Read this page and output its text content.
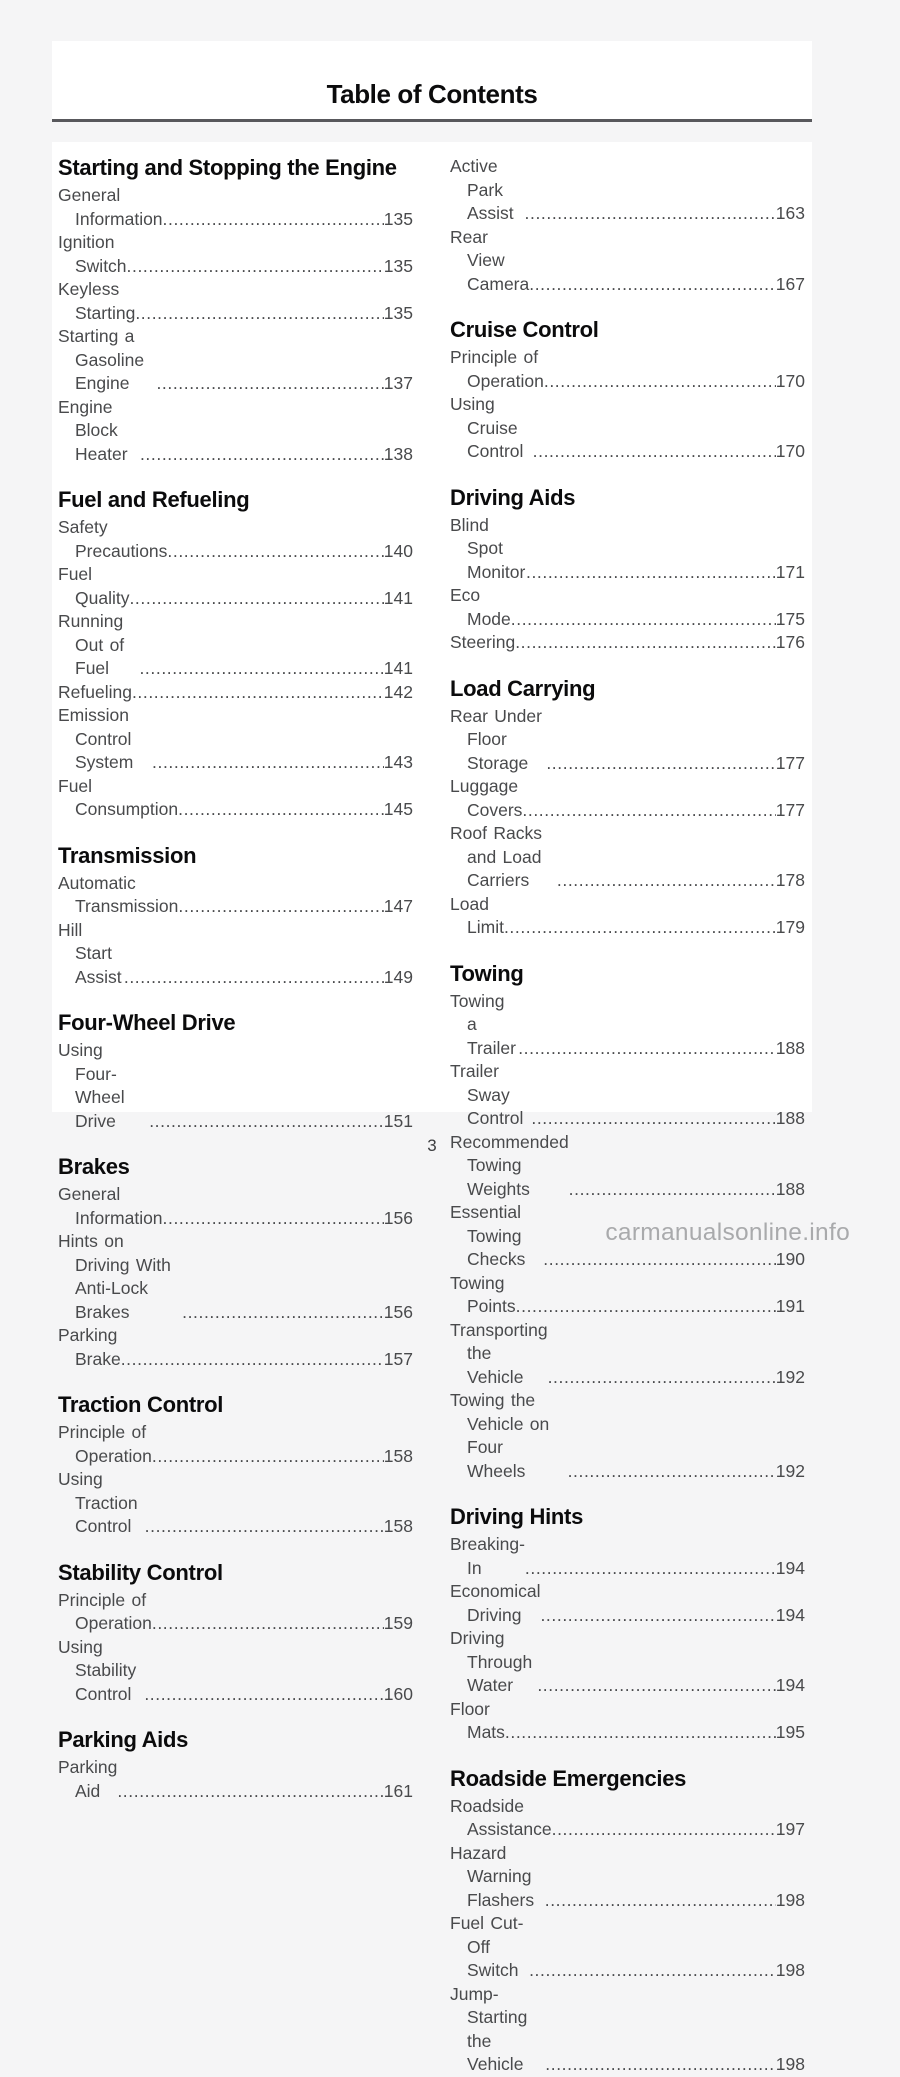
Table of Contents
Starting and Stopping the Engine
General Information .....	135
Ignition Switch .....	135
Keyless Starting .....	135
Starting a Gasoline Engine .....	137
Engine Block Heater .....	138
Fuel and Refueling
Safety Precautions .....	140
Fuel Quality .....	141
Running Out of Fuel .....	141
Refueling .....	142
Emission Control System .....	143
Fuel Consumption .....	145
Transmission
Automatic Transmission .....	147
Hill Start Assist .....	149
Four-Wheel Drive
Using Four-Wheel Drive .....	151
Brakes
General Information .....	156
Hints on Driving With Anti-Lock Brakes .....	156
Parking Brake .....	157
Traction Control
Principle of Operation .....	158
Using Traction Control .....	158
Stability Control
Principle of Operation .....	159
Using Stability Control .....	160
Parking Aids
Parking Aid .....	161
Active Park Assist .....	163
Rear View Camera .....	167
Cruise Control
Principle of Operation .....	170
Using Cruise Control .....	170
Driving Aids
Blind Spot Monitor .....	171
Eco Mode .....	175
Steering .....	176
Load Carrying
Rear Under Floor Storage .....	177
Luggage Covers .....	177
Roof Racks and Load Carriers .....	178
Load Limit .....	179
Towing
Towing a Trailer .....	188
Trailer Sway Control .....	188
Recommended Towing Weights .....	188
Essential Towing Checks .....	190
Towing Points .....	191
Transporting the Vehicle .....	192
Towing the Vehicle on Four Wheels .....	192
Driving Hints
Breaking-In .....	194
Economical Driving .....	194
Driving Through Water .....	194
Floor Mats .....	195
Roadside Emergencies
Roadside Assistance .....	197
Hazard Warning Flashers .....	198
Fuel Cut-Off Switch .....	198
Jump-Starting the Vehicle .....	198
3
carmanualsonline.info
